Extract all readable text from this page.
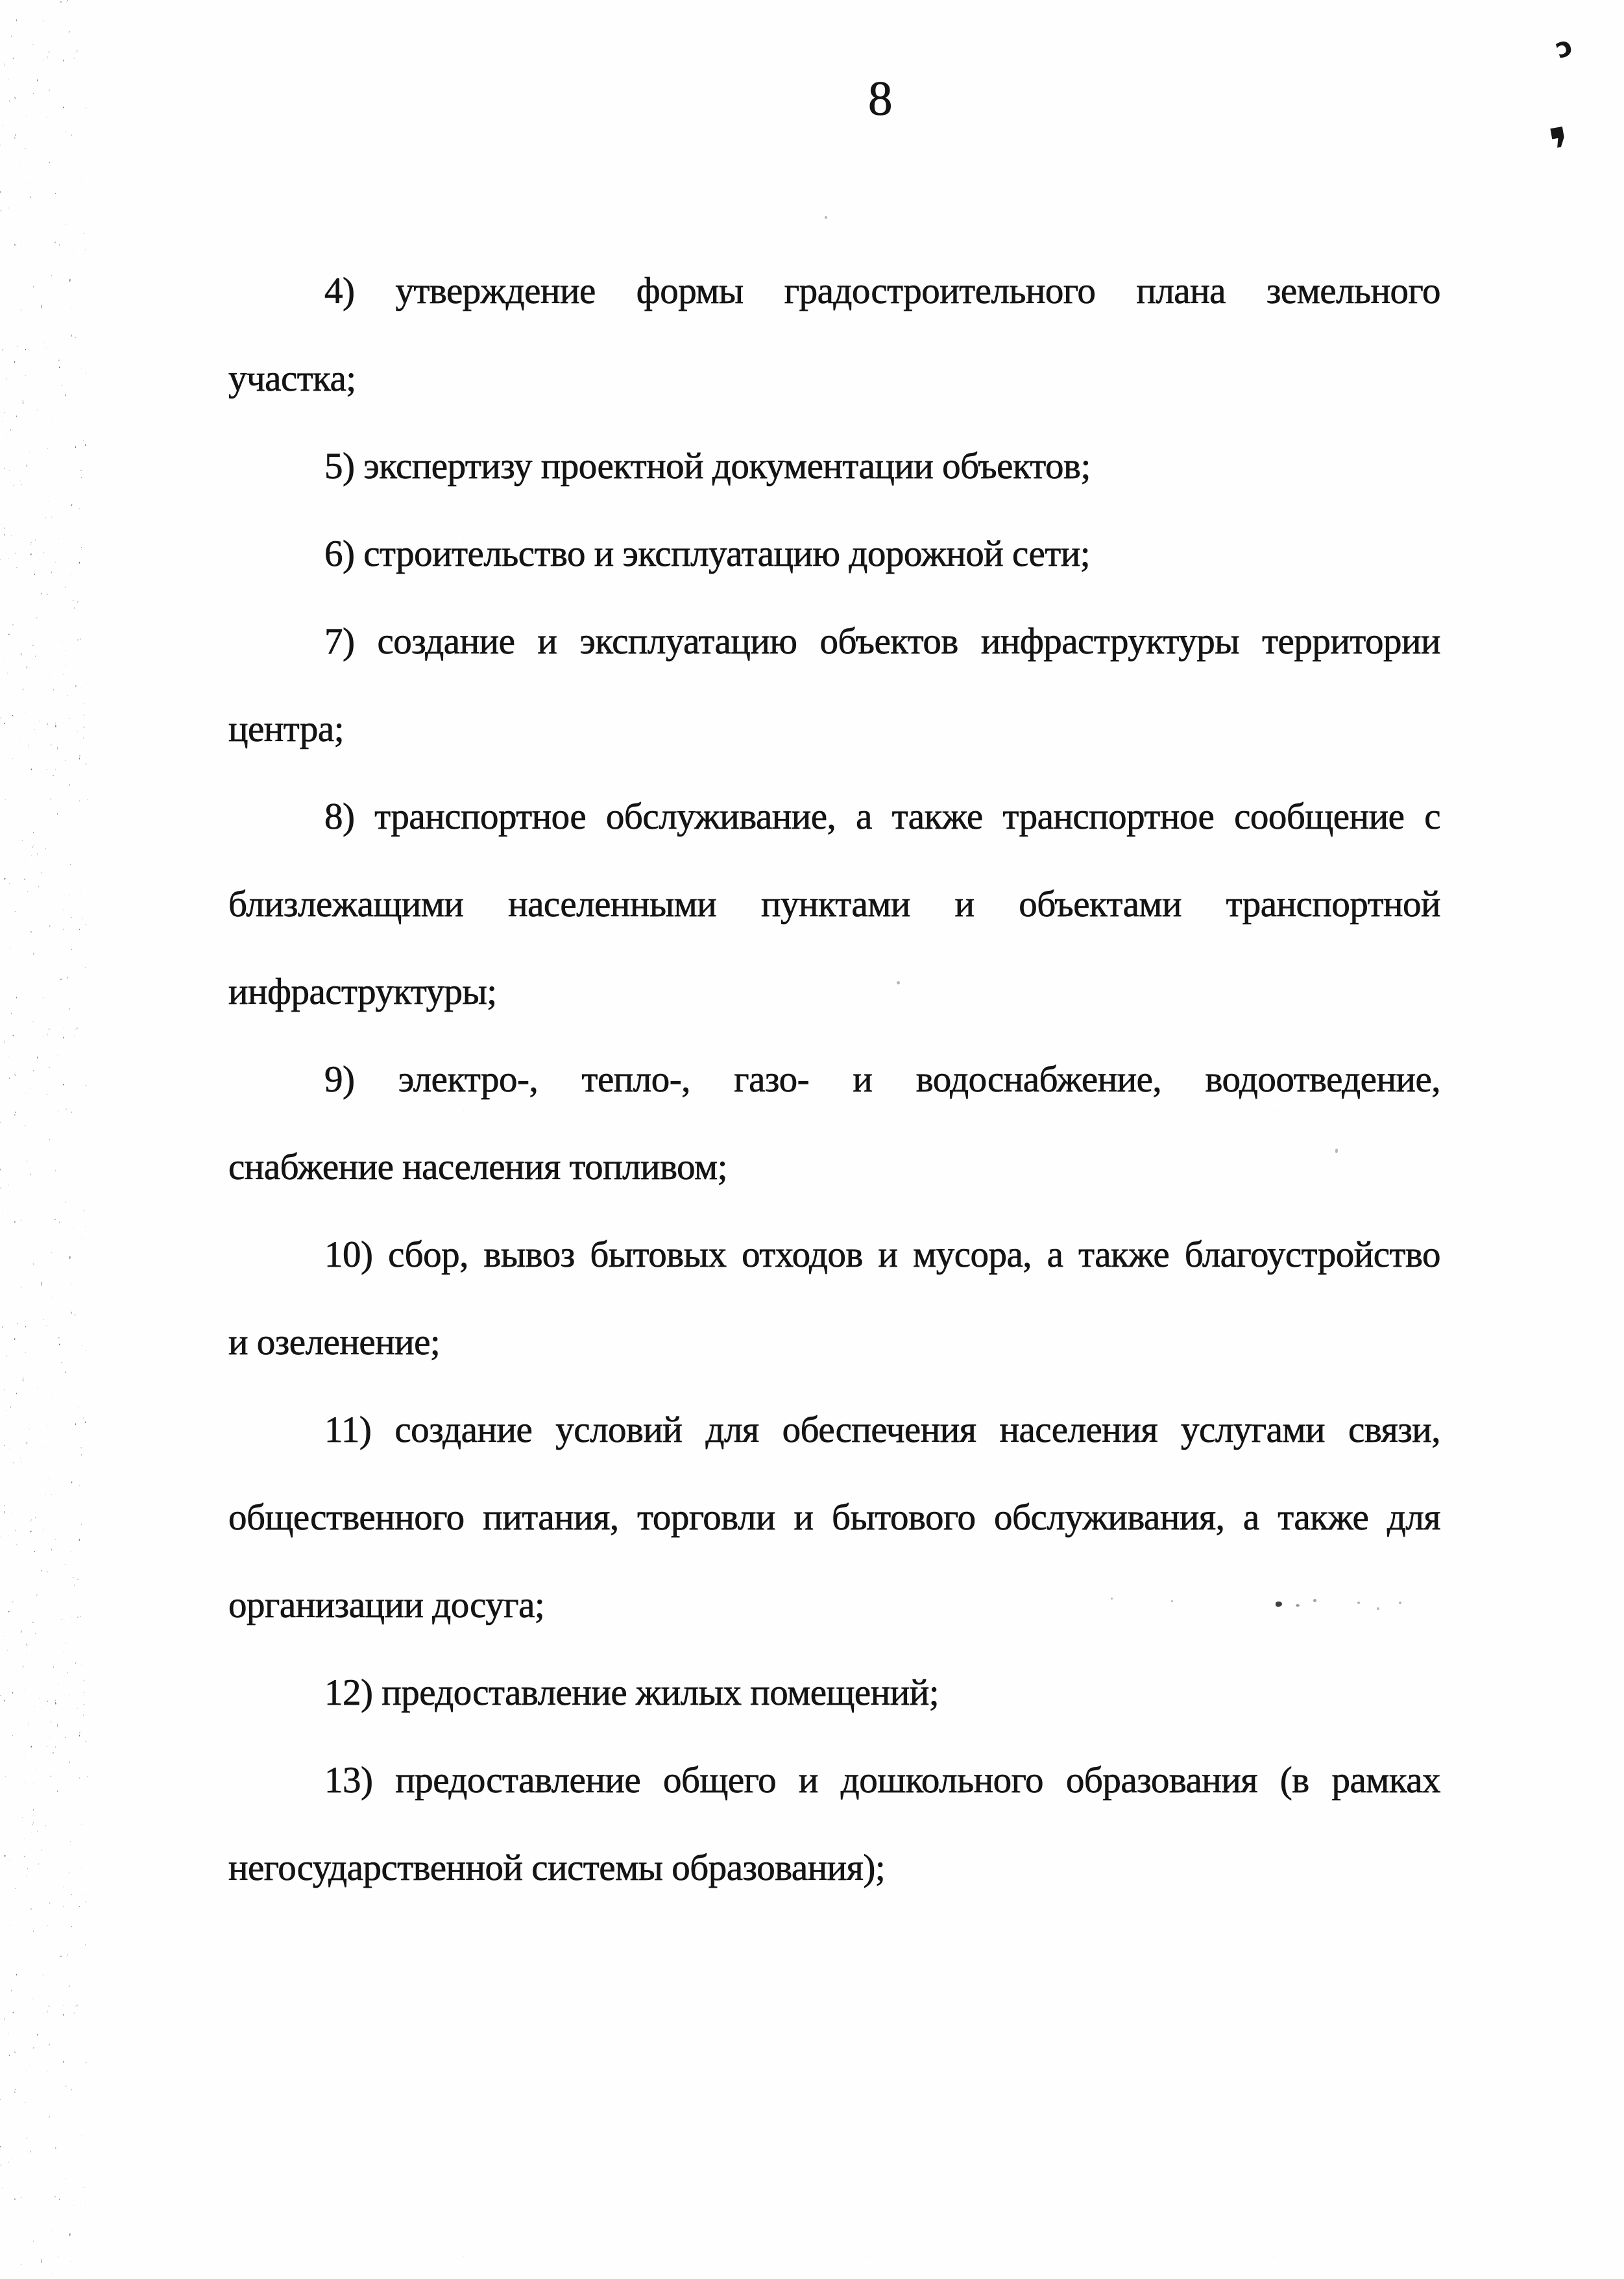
8
ɔ
❜
4) утверждение формы градостроительного плана земельного
участка;
5) экспертизу проектной документации объектов;
6) строительство и эксплуатацию дорожной сети;
7) создание и эксплуатацию объектов инфраструктуры территории
центра;
8) транспортное обслуживание, а также транспортное сообщение с
близлежащими населенными пунктами и объектами транспортной
инфраструктуры;
9) электро-, тепло-, газо- и водоснабжение, водоотведение,
снабжение населения топливом;
10) сбор, вывоз бытовых отходов и мусора, а также благоустройство
и озеленение;
11) создание условий для обеспечения населения услугами связи,
общественного питания, торговли и бытового обслуживания, а также для
организации досуга;
12) предоставление жилых помещений;
13) предоставление общего и дошкольного образования (в рамках
негосударственной системы образования);
